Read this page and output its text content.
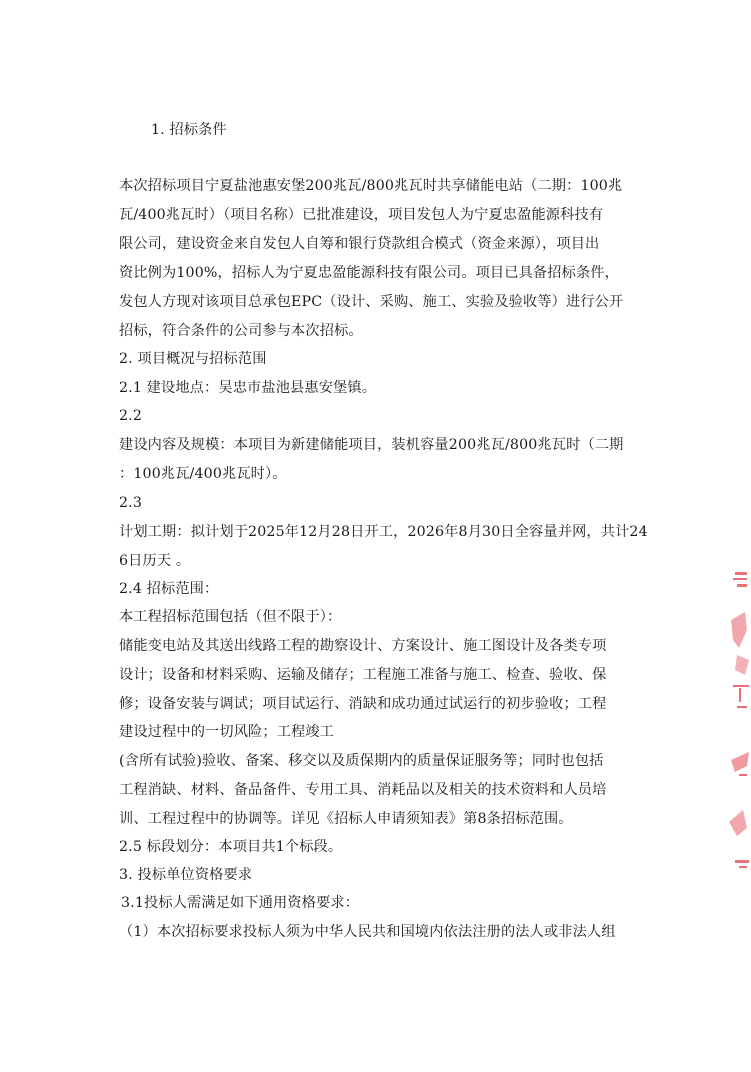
1. 招标条件
本次招标项目宁夏盐池惠安堡200兆瓦/800兆瓦时共享储能电站（二期：100兆
瓦/400兆瓦时）（项目名称）已批准建设，项目发包人为宁夏忠盈能源科技有
限公司，建设资金来自发包人自筹和银行贷款组合模式（资金来源），项目出
资比例为100%，招标人为宁夏忠盈能源科技有限公司。项目已具备招标条件，
发包人方现对该项目总承包EPC（设计、采购、施工、实验及验收等）进行公开
招标，符合条件的公司参与本次招标。
2. 项目概况与招标范围
2.1 建设地点：吴忠市盐池县惠安堡镇。
2.2
建设内容及规模：本项目为新建储能项目，装机容量200兆瓦/800兆瓦时（二期
：100兆瓦/400兆瓦时）。
2.3
计划工期：拟计划于2025年12月28日开工，2026年8月30日全容量并网，共计24
6日历天 。
2.4 招标范围：
本工程招标范围包括（但不限于）：
储能变电站及其送出线路工程的勘察设计、方案设计、施工图设计及各类专项
设计；设备和材料采购、运输及储存；工程施工准备与施工、检查、验收、保
修；设备安装与调试；项目试运行、消缺和成功通过试运行的初步验收；工程
建设过程中的一切风险；工程竣工
(含所有试验)验收、备案、移交以及质保期内的质量保证服务等；同时也包括
工程消缺、材料、备品备件、专用工具、消耗品以及相关的技术资料和人员培
训、工程过程中的协调等。详见《招标人申请须知表》第8条招标范围。
2.5 标段划分：本项目共1个标段。
3. 投标单位资格要求
3.1投标人需满足如下通用资格要求：
（1）本次招标要求投标人须为中华人民共和国境内依法注册的法人或非法人组
